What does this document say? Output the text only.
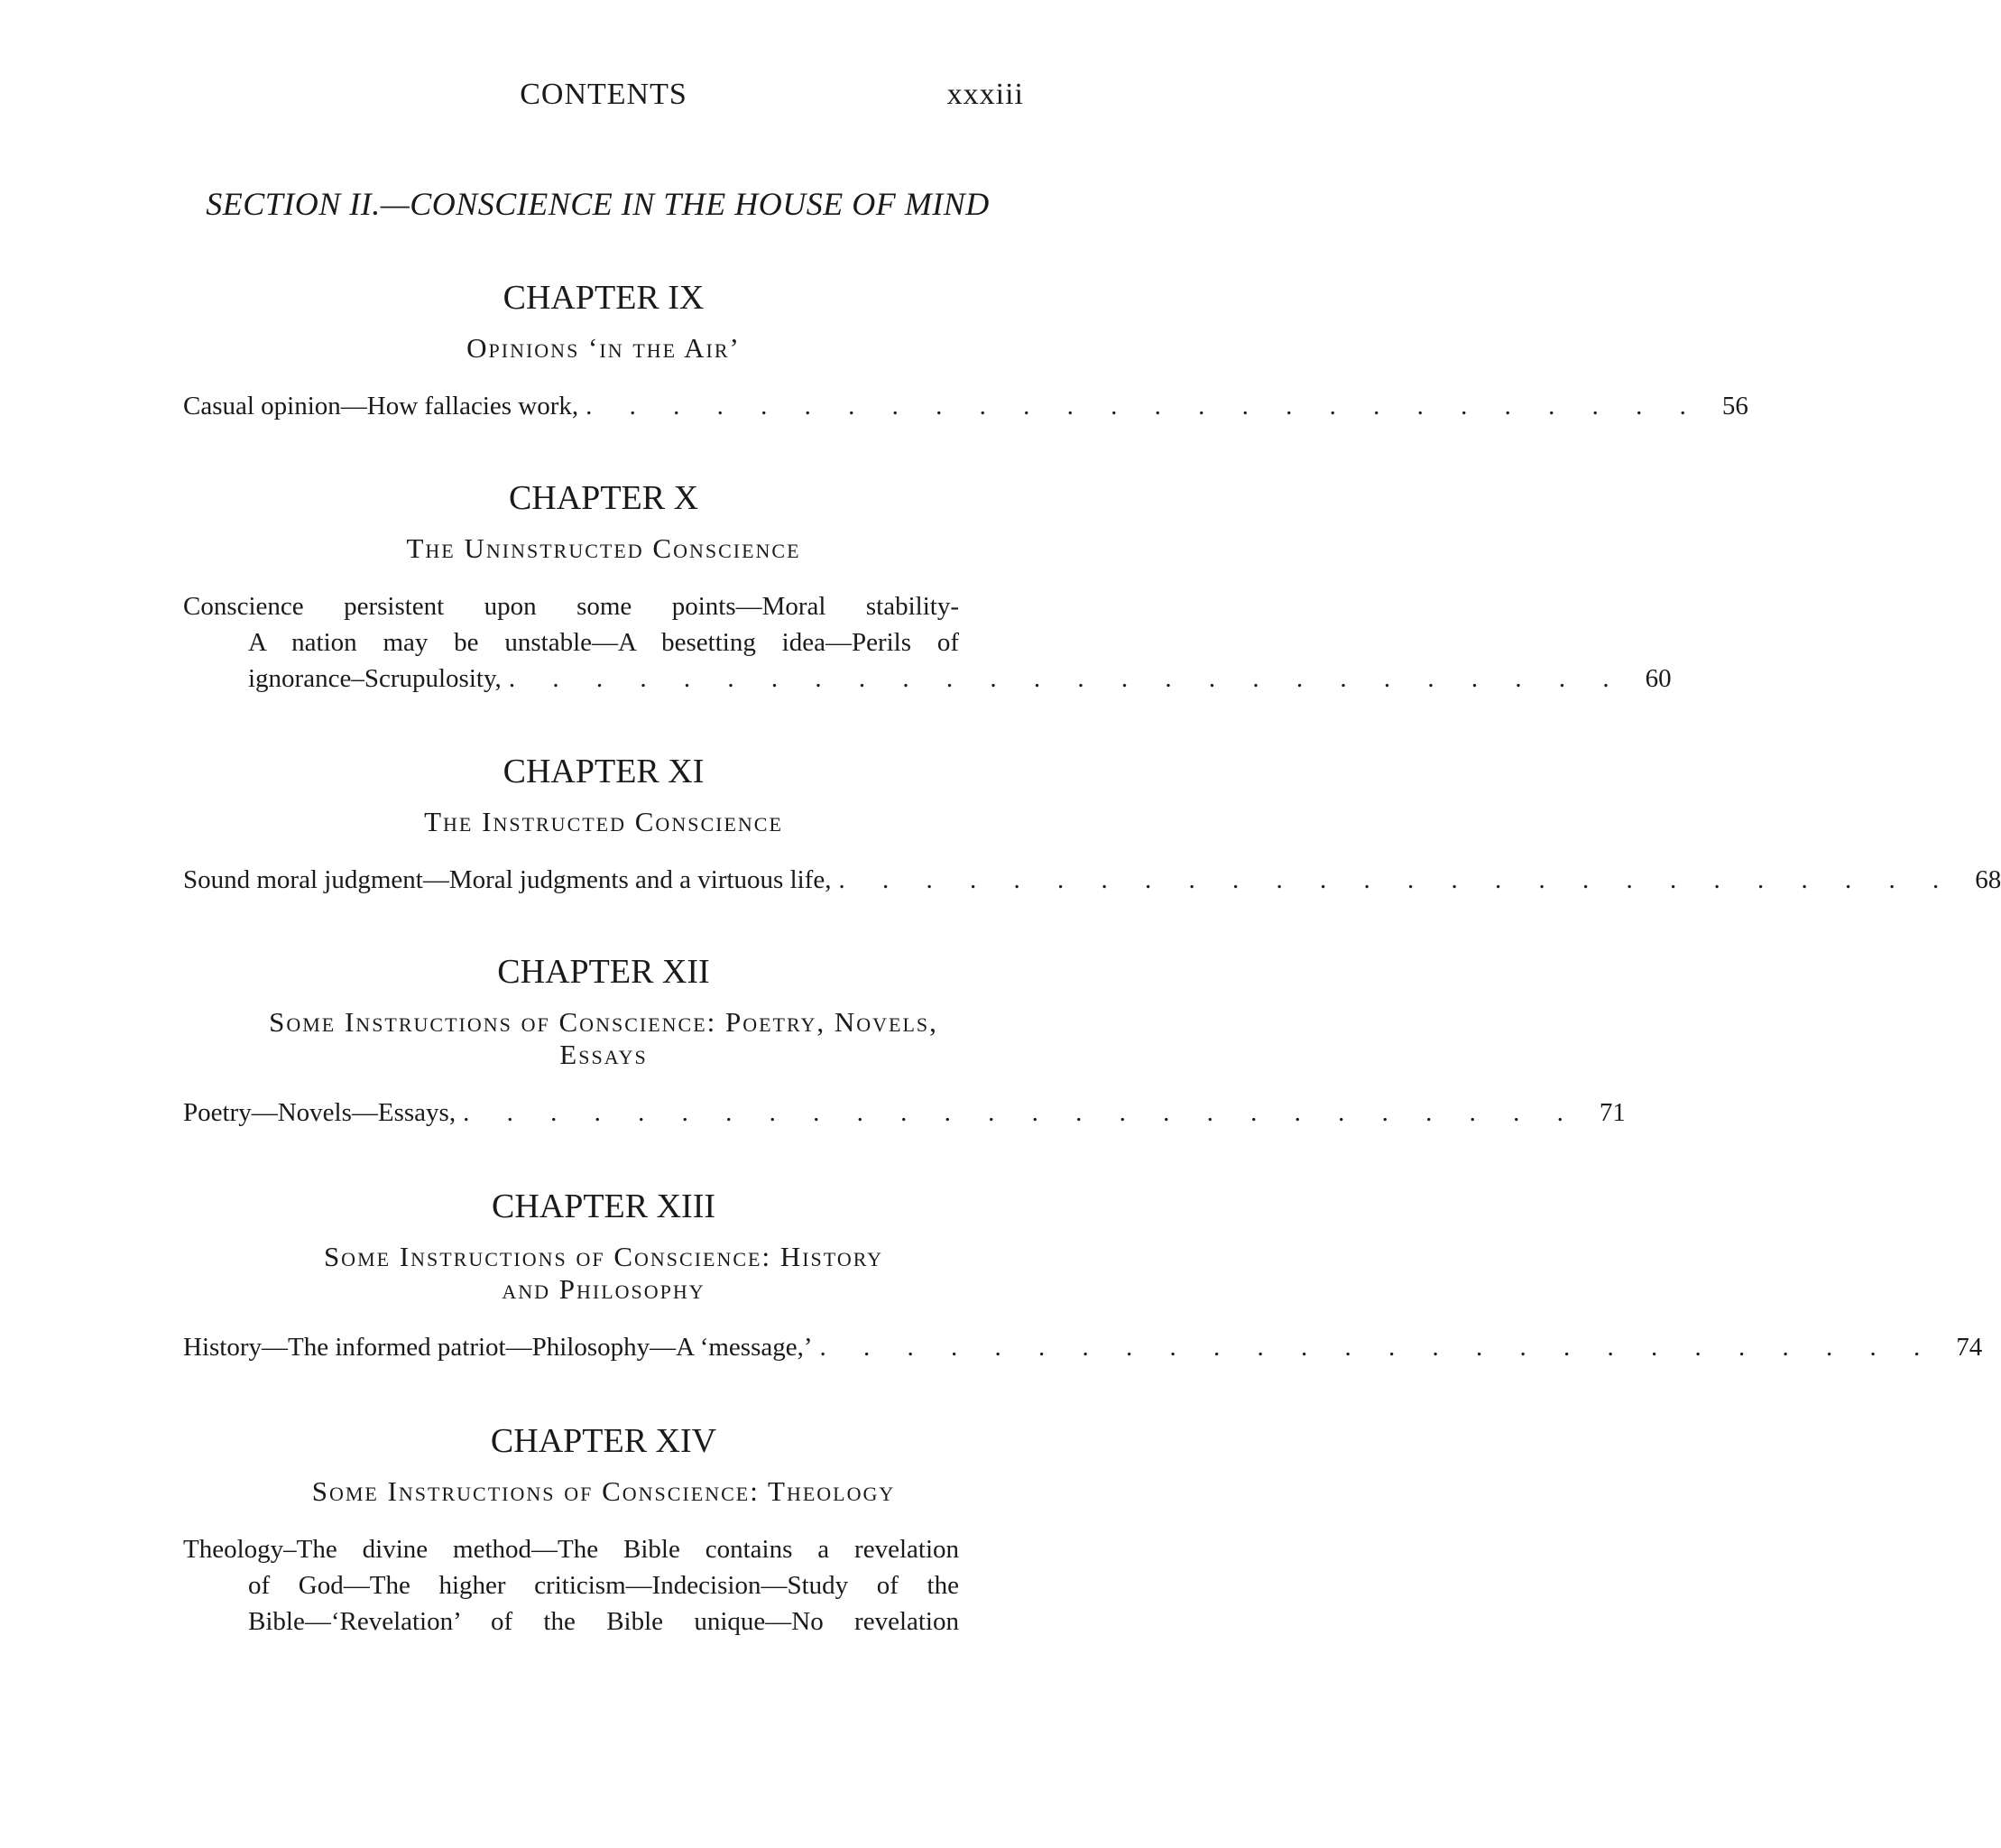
CONTENTS	xxxiii
SECTION II.—CONSCIENCE IN THE HOUSE OF MIND
CHAPTER IX
Opinions ‘in the Air’
Casual opinion—How fallacies work, . . . . . . . . . . . . . . . . . . . . . . . . . . 56
CHAPTER X
The Uninstructed Conscience
Conscience persistent upon some points—Moral stability-
A nation may be unstable—A besetting idea—Perils of
ignorance–Scrupulosity, . . . . . . . . . . . . . . . . . . . . . . . . . . 60
CHAPTER XI
The Instructed Conscience
Sound moral judgment—Moral judgments and a virtuous life, . . . . . . . . . . . . . . . . . . . . . . . . . . 68
CHAPTER XII
Some Instructions of Conscience: Poetry, Novels,
Essays
Poetry—Novels—Essays, . . . . . . . . . . . . . . . . . . . . . . . . . . 71
CHAPTER XIII
Some Instructions of Conscience: History
and Philosophy
History—The informed patriot—Philosophy—A ‘message,’ . . . . . . . . . . . . . . . . . . . . . . . . . . 74
CHAPTER XIV
Some Instructions of Conscience: Theology
Theology–The divine method—The Bible contains a revelation
of God—The higher criticism—Indecision—Study of the
Bible—‘Revelation’ of the Bible unique—No revelation
